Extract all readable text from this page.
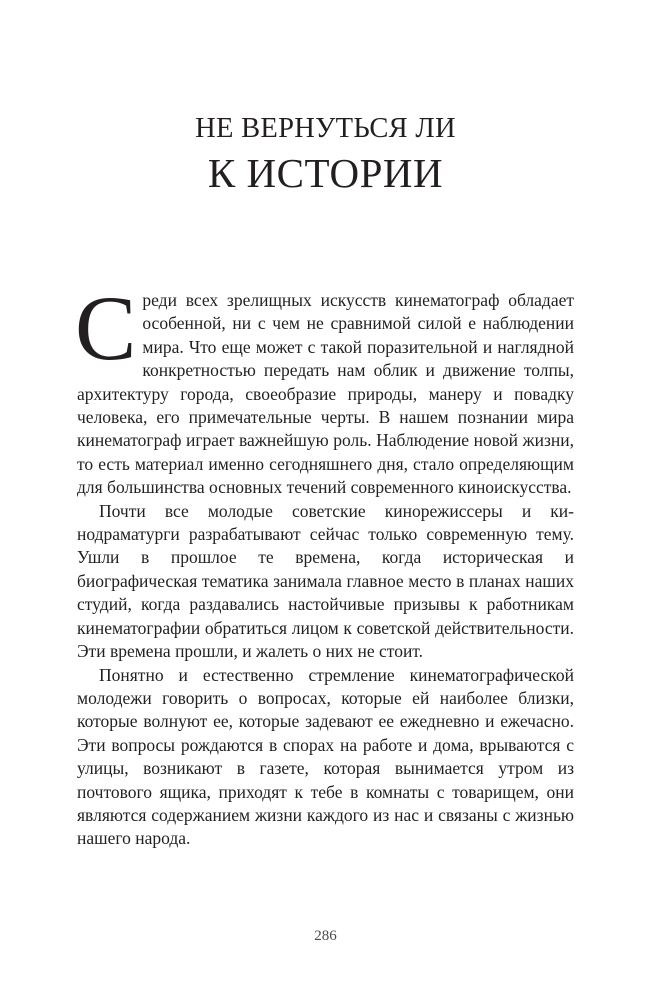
НЕ ВЕРНУТЬСЯ ЛИ
К ИСТОРИИ

Среди всех зрелищных искусств кинематограф обладает особенной, ни с чем не сравнимой силой е наблюдении мира. Что еще может с такой поразительной и наглядной конкретностью передать нам облик и движение толпы, архитектуру города, своеобразие природы, манеру и повадку человека, его примечательные черты. В нашем познании мира кинематограф играет важнейшую роль. Наблюдение новой жизни, то есть материал именно сегодняшнего дня, стало определяющим для большинства основных течений современного киноискусства.

Почти все молодые советские кинорежиссеры и кинодраматурги разрабатывают сейчас только современную тему. Ушли в прошлое те времена, когда историческая и биографическая тематика занимала главное место в планах наших студий, когда раздавались настойчивые призывы к работникам кинематографии обратиться лицом к советской действительности. Эти времена прошли, и жалеть о них не стоит.

Понятно и естественно стремление кинематографической молодежи говорить о вопросах, которые ей наиболее близки, которые волнуют ее, которые задевают ее ежедневно и ежечасно. Эти вопросы рождаются в спорах на работе и дома, врываются с улицы, возникают в газете, которая вынимается утром из почтового ящика, приходят к тебе в комнаты с товарищем, они являются содержанием жизни каждого из нас и связаны с жизнью нашего народа.

286
